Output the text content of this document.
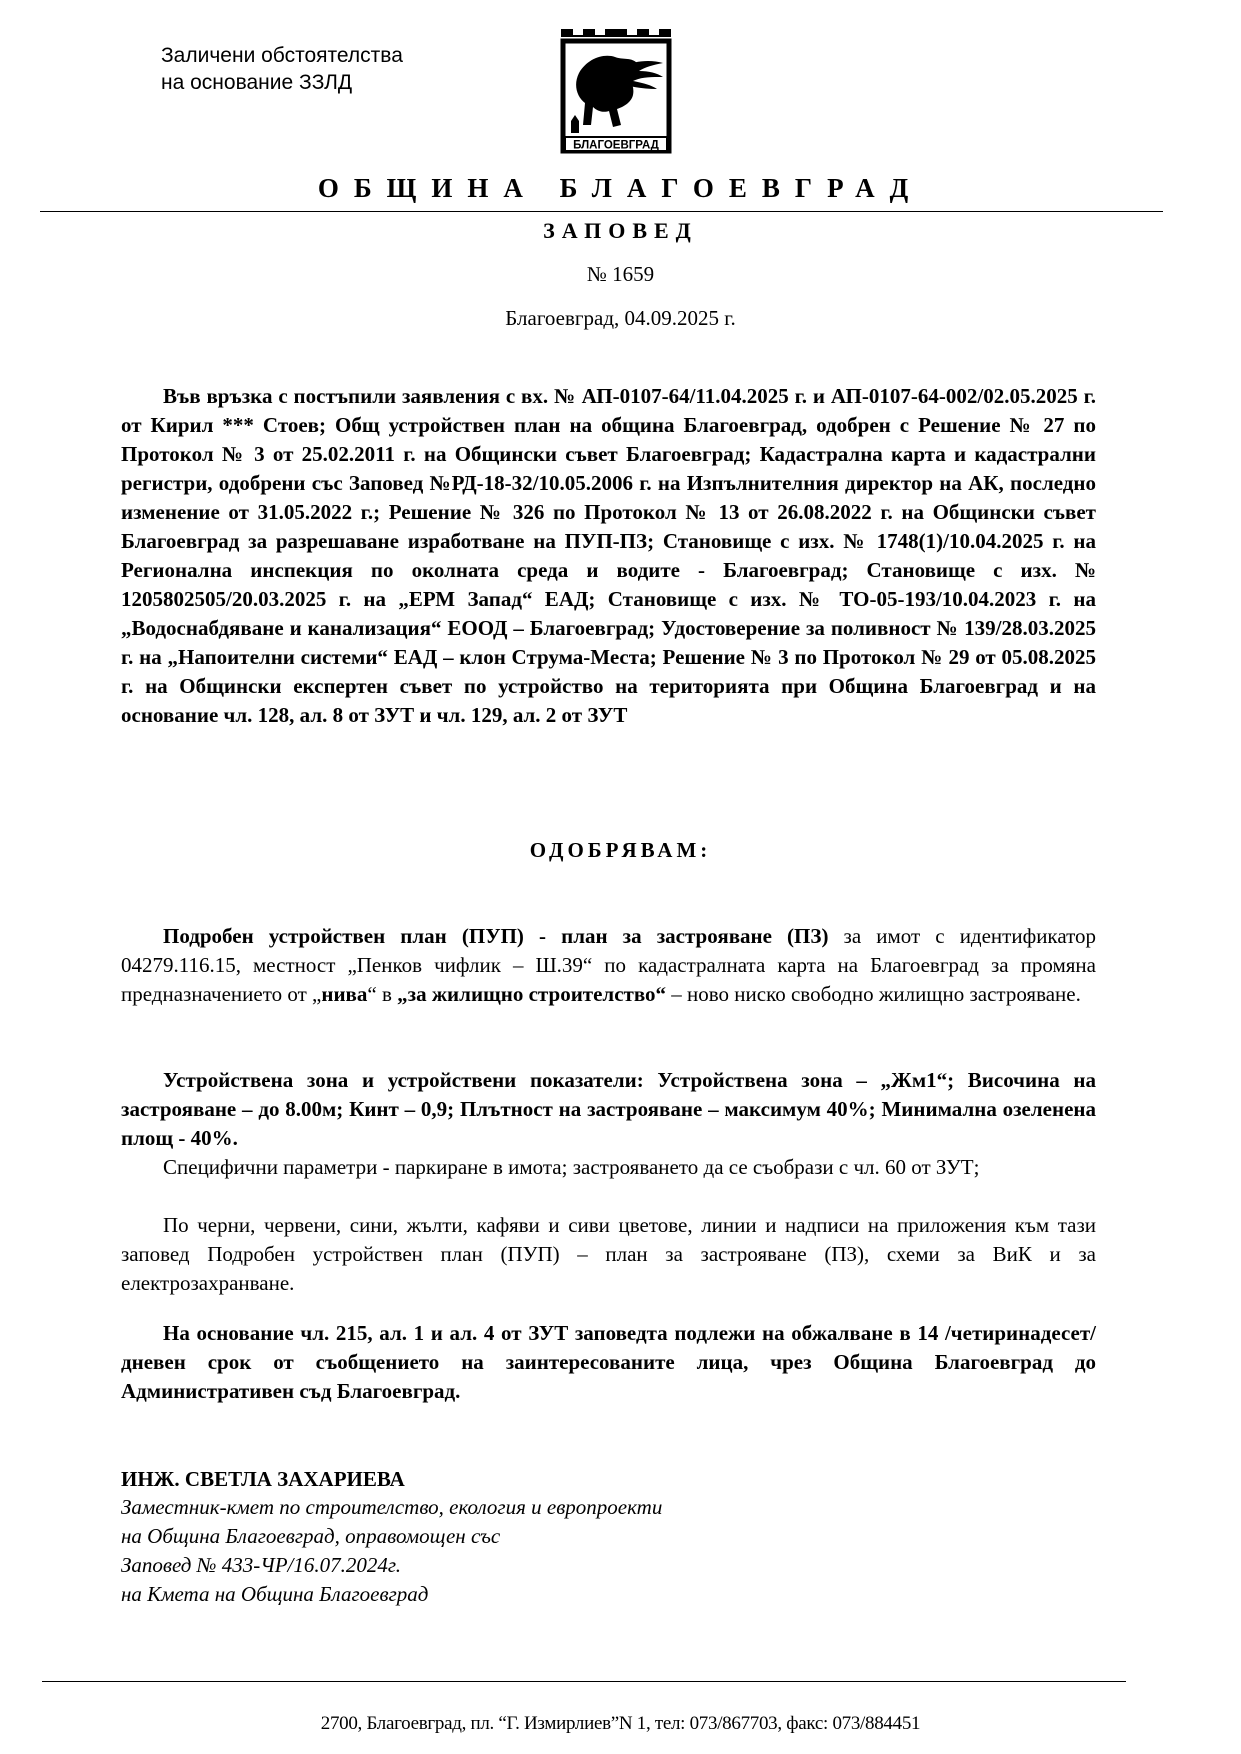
Заличени обстоятелства
на основание ЗЗЛД
БЛАГОЕВГРАД
ОБЩИНА БЛАГОЕВГРАД
ЗАПОВЕД
№ 1659
Благоевград, 04.09.2025 г.
Във връзка с постъпили заявления с вх. № АП-0107-64/11.04.2025 г. и АП-0107-64-002/02.05.2025 г. от Кирил *** Стоев; Общ устройствен план на община Благоевград, одобрен с Решение № 27 по Протокол № 3 от 25.02.2011 г. на Общински съвет Благоевград; Кадастрална карта и кадастрални регистри, одобрени със Заповед №РД-18-32/10.05.2006 г. на Изпълнителния директор на АК, последно изменение от 31.05.2022 г.; Решение № 326 по Протокол № 13 от 26.08.2022 г. на Общински съвет Благоевград за разрешаване изработване на ПУП-ПЗ; Становище с изх. № 1748(1)/10.04.2025 г. на Регионална инспекция по околната среда и водите - Благоевград; Становище с изх. № 1205802505/20.03.2025 г. на „ЕРМ Запад“ ЕАД; Становище с изх. № ТО-05-193/10.04.2023 г. на „Водоснабдяване и канализация“ ЕООД – Благоевград; Удостоверение за поливност № 139/28.03.2025 г. на „Напоителни системи“ ЕАД – клон Струма-Места; Решение № 3 по Протокол № 29 от 05.08.2025 г. на Общински експертен съвет по устройство на територията при Община Благоевград и на основание чл. 128, ал. 8 от ЗУТ и чл. 129, ал. 2 от ЗУТ
ОДОБРЯВАМ:
Подробен устройствен план (ПУП) - план за застрояване (ПЗ) за имот с идентификатор 04279.116.15, местност „Пенков чифлик – Ш.39“ по кадастралната карта на Благоевград за промяна предназначението от „нива“ в „за жилищно строителство“ – ново ниско свободно жилищно застрояване.
Устройствена зона и устройствени показатели: Устройствена зона – „Жм1“; Височина на застрояване – до 8.00м; Кинт – 0,9; Плътност на застрояване – максимум 40%; Минимална озеленена площ - 40%.
Специфични параметри - паркиране в имота; застрояването да се съобрази с чл. 60 от ЗУТ;
По черни, червени, сини, жълти, кафяви и сиви цветове, линии и надписи на приложения към тази заповед Подробен устройствен план (ПУП) – план за застрояване (ПЗ), схеми за ВиК и за електрозахранване.
На основание чл. 215, ал. 1 и ал. 4 от ЗУТ заповедта подлежи на обжалване в 14 /четиринадесет/ дневен срок от съобщението на заинтересованите лица, чрез Община Благоевград до Административен съд Благоевград.
ИНЖ. СВЕТЛА ЗАХАРИЕВА
Заместник-кмет по строителство, екология и европроекти
на Община Благоевград, оправомощен със
Заповед № 433-ЧР/16.07.2024г.
на Кмета на Община Благоевград
2700, Благоевград, пл. “Г. Измирлиев”N 1, тел: 073/867703, факс: 073/884451
